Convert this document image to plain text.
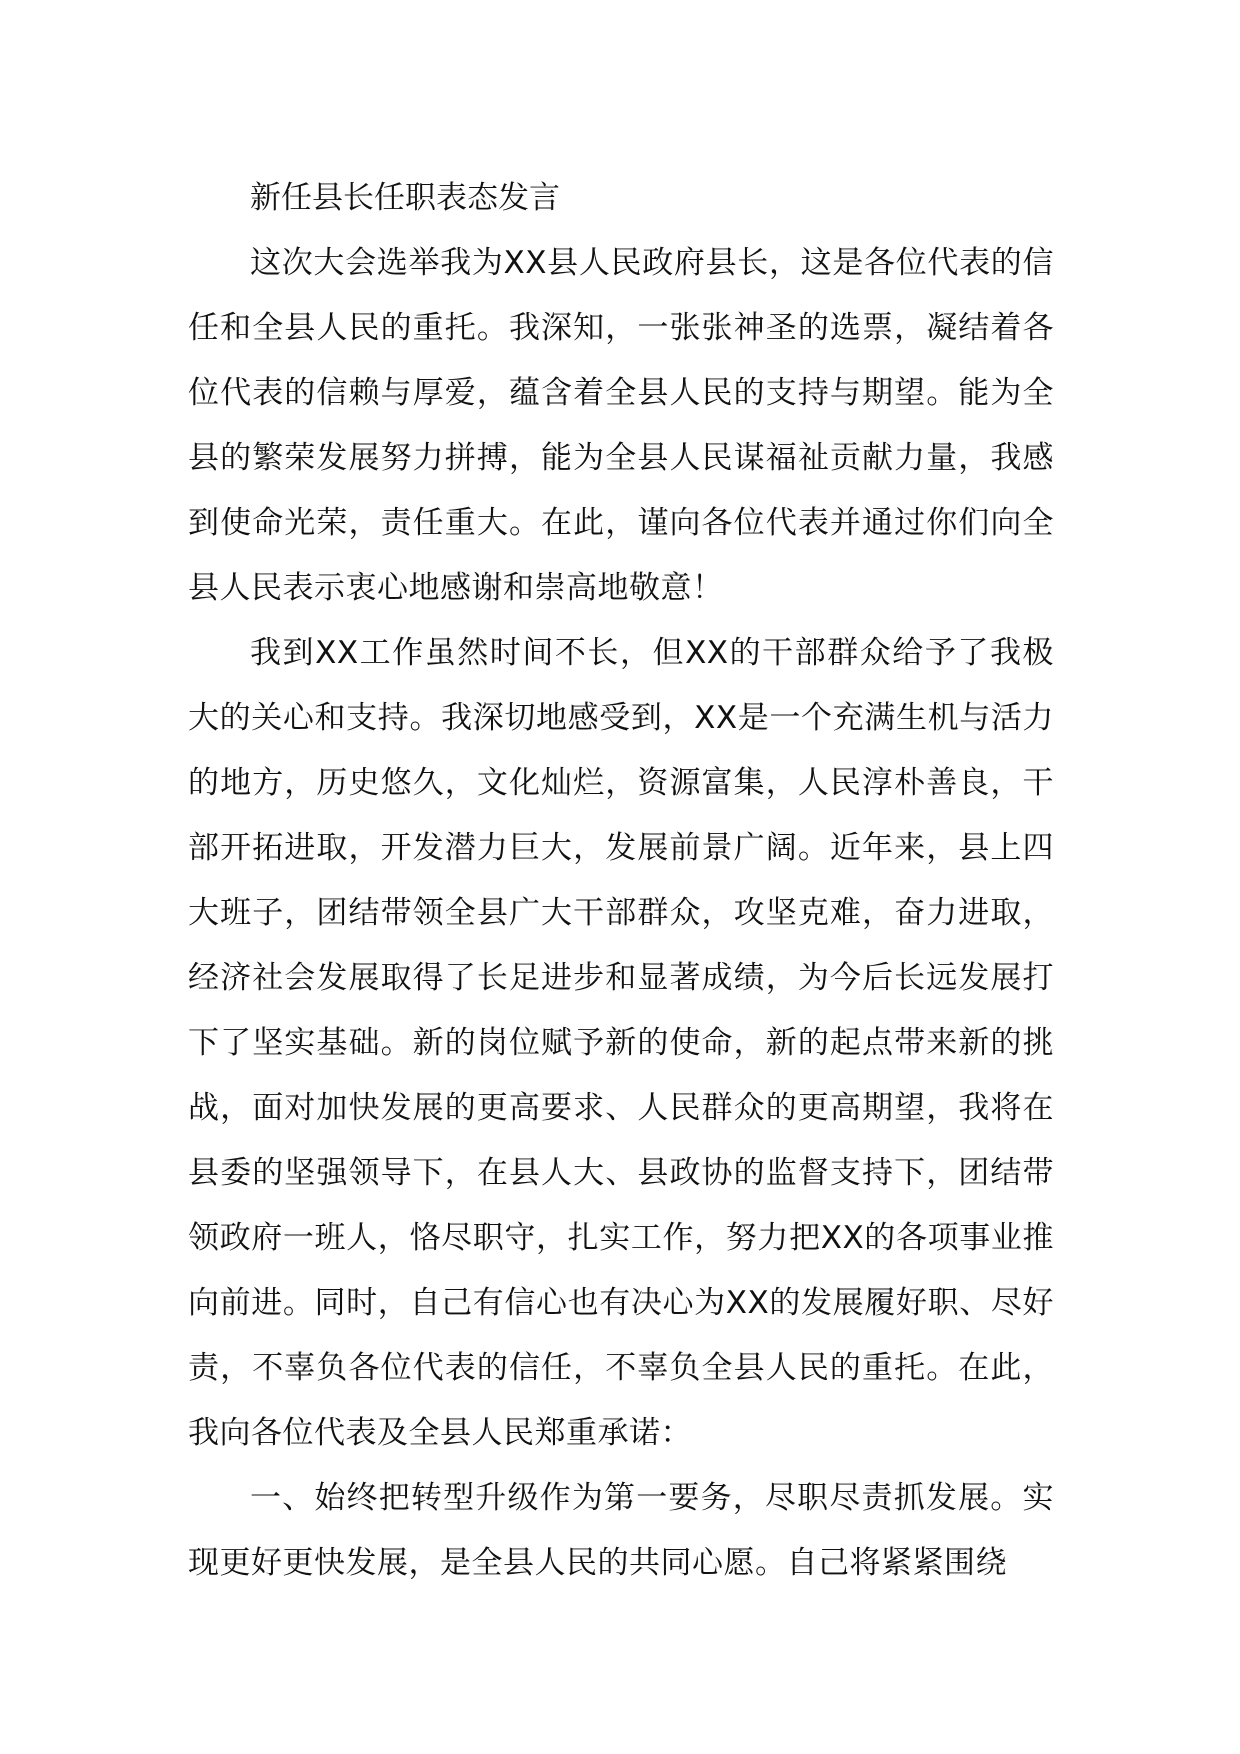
新任县长任职表态发言

这次大会选举我为XX县人民政府县长，这是各位代表的信任和全县人民的重托。我深知，一张张神圣的选票，凝结着各位代表的信赖与厚爱，蕴含着全县人民的支持与期望。能为全县的繁荣发展努力拼搏，能为全县人民谋福祉贡献力量，我感到使命光荣，责任重大。在此，谨向各位代表并通过你们向全县人民表示衷心地感谢和崇高地敬意！

我到XX工作虽然时间不长，但XX的干部群众给予了我极大的关心和支持。我深切地感受到，XX是一个充满生机与活力的地方，历史悠久，文化灿烂，资源富集，人民淳朴善良，干部开拓进取，开发潜力巨大，发展前景广阔。近年来，县上四大班子，团结带领全县广大干部群众，攻坚克难，奋力进取，经济社会发展取得了长足进步和显著成绩，为今后长远发展打下了坚实基础。新的岗位赋予新的使命，新的起点带来新的挑战，面对加快发展的更高要求、人民群众的更高期望，我将在县委的坚强领导下，在县人大、县政协的监督支持下，团结带领政府一班人，恪尽职守，扎实工作，努力把XX的各项事业推向前进。同时，自己有信心也有决心为XX的发展履好职、尽好责，不辜负各位代表的信任，不辜负全县人民的重托。在此，我向各位代表及全县人民郑重承诺：

一、始终把转型升级作为第一要务，尽职尽责抓发展。实现更好更快发展，是全县人民的共同心愿。自己将紧紧围绕
